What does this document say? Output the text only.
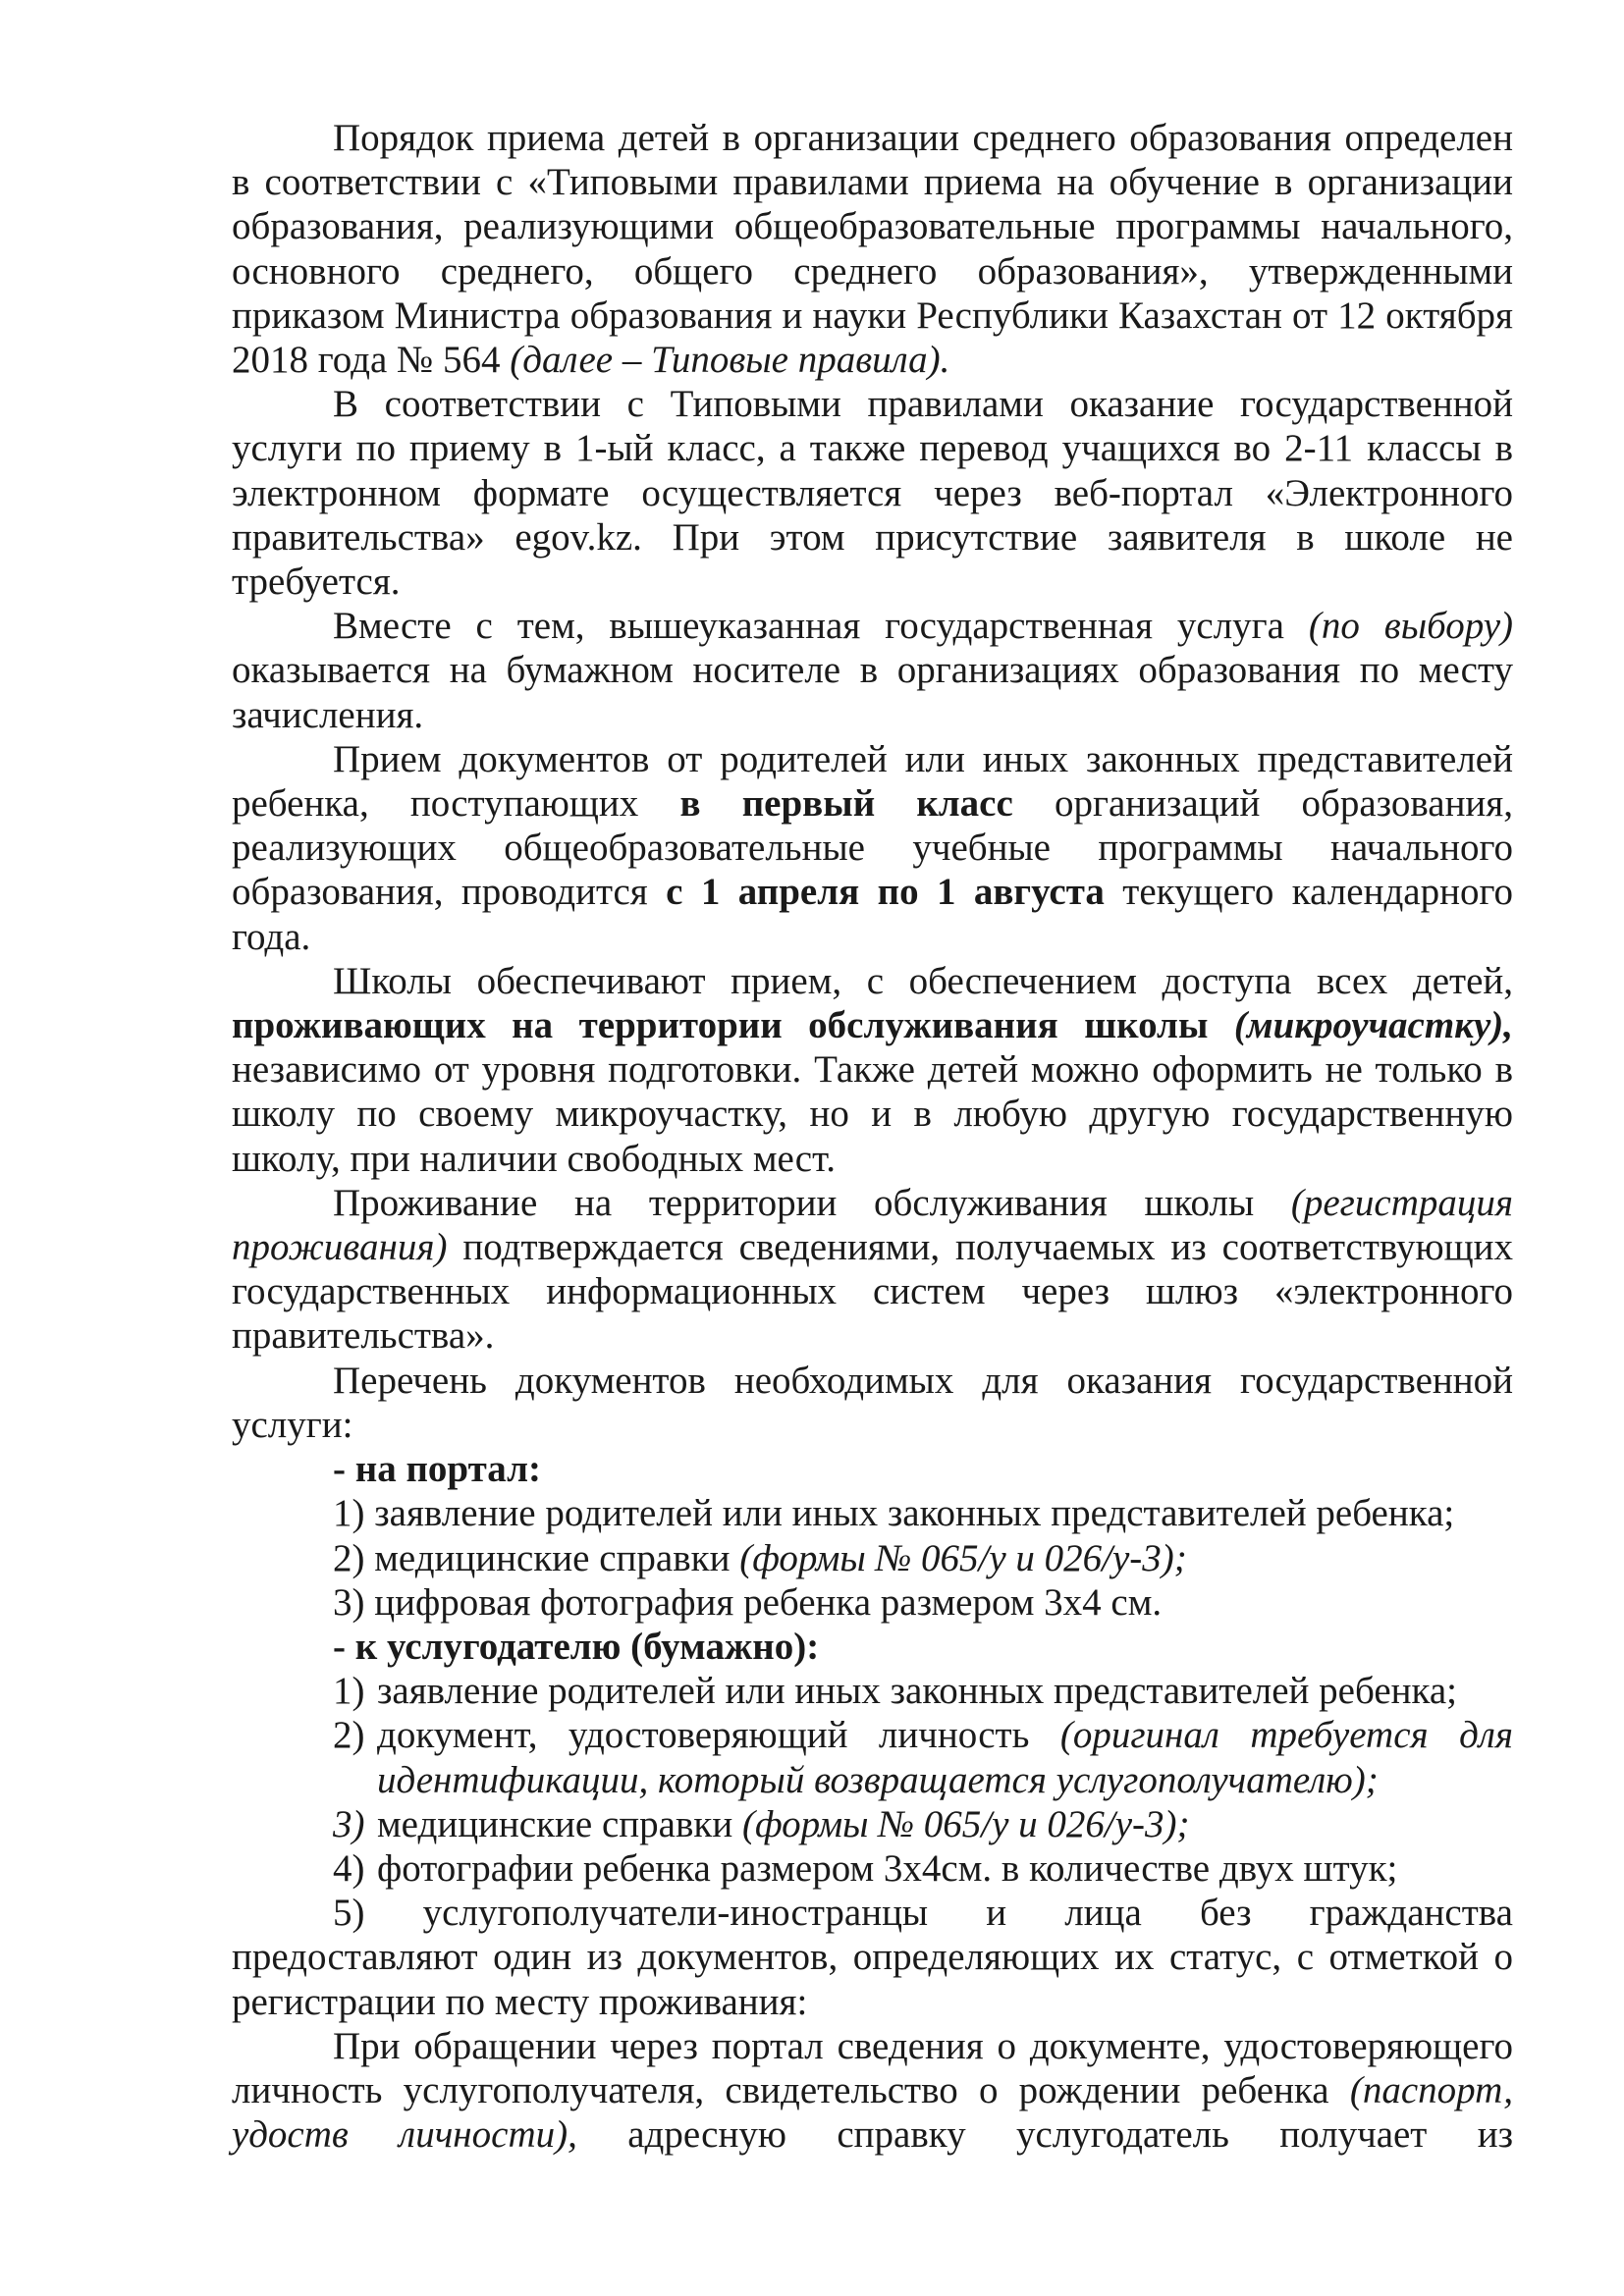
Порядок приема детей в организации среднего образования определен в соответствии с «Типовыми правилами приема на обучение в организации образования, реализующими общеобразовательные программы начального, основного среднего, общего среднего образования», утвержденными приказом Министра образования и науки Республики Казахстан от 12 октября 2018 года № 564 (далее – Типовые правила).

В соответствии с Типовыми правилами оказание государственной услуги по приему в 1-ый класс, а также перевод учащихся во 2-11 классы в электронном формате осуществляется через веб-портал «Электронного правительства» egov.kz. При этом присутствие заявителя в школе не требуется.

Вместе с тем, вышеуказанная государственная услуга (по выбору) оказывается на бумажном носителе в организациях образования по месту зачисления.

Прием документов от родителей или иных законных представителей ребенка, поступающих в первый класс организаций образования, реализующих общеобразовательные учебные программы начального образования, проводится с 1 апреля по 1 августа текущего календарного года.

Школы обеспечивают прием, с обеспечением доступа всех детей, проживающих на территории обслуживания школы (микроучастку), независимо от уровня подготовки. Также детей можно оформить не только в школу по своему микроучастку, но и в любую другую государственную школу, при наличии свободных мест.

Проживание на территории обслуживания школы (регистрация проживания) подтверждается сведениями, получаемых из соответствующих государственных информационных систем через шлюз «электронного правительства».

Перечень документов необходимых для оказания государственной услуги:

- на портал:

1) заявление родителей или иных законных представителей ребенка;

2) медицинские справки (формы № 065/у и 026/у-3);

3) цифровая фотография ребенка размером 3х4 см.

- к услугодателю (бумажно):

1) заявление родителей или иных законных представителей ребенка;

2) документ, удостоверяющий личность (оригинал требуется для идентификации, который возвращается услугополучателю);

3) медицинские справки (формы № 065/у и 026/у-3);

4) фотографии ребенка размером 3х4см. в количестве двух штук;

5) услугополучатели-иностранцы и лица без гражданства предоставляют один из документов, определяющих их статус, с отметкой о регистрации по месту проживания:

При обращении через портал сведения о документе, удостоверяющего личность услугополучателя, свидетельство о рождении ребенка (паспорт, удоств личности), адресную справку услугодатель получает из
